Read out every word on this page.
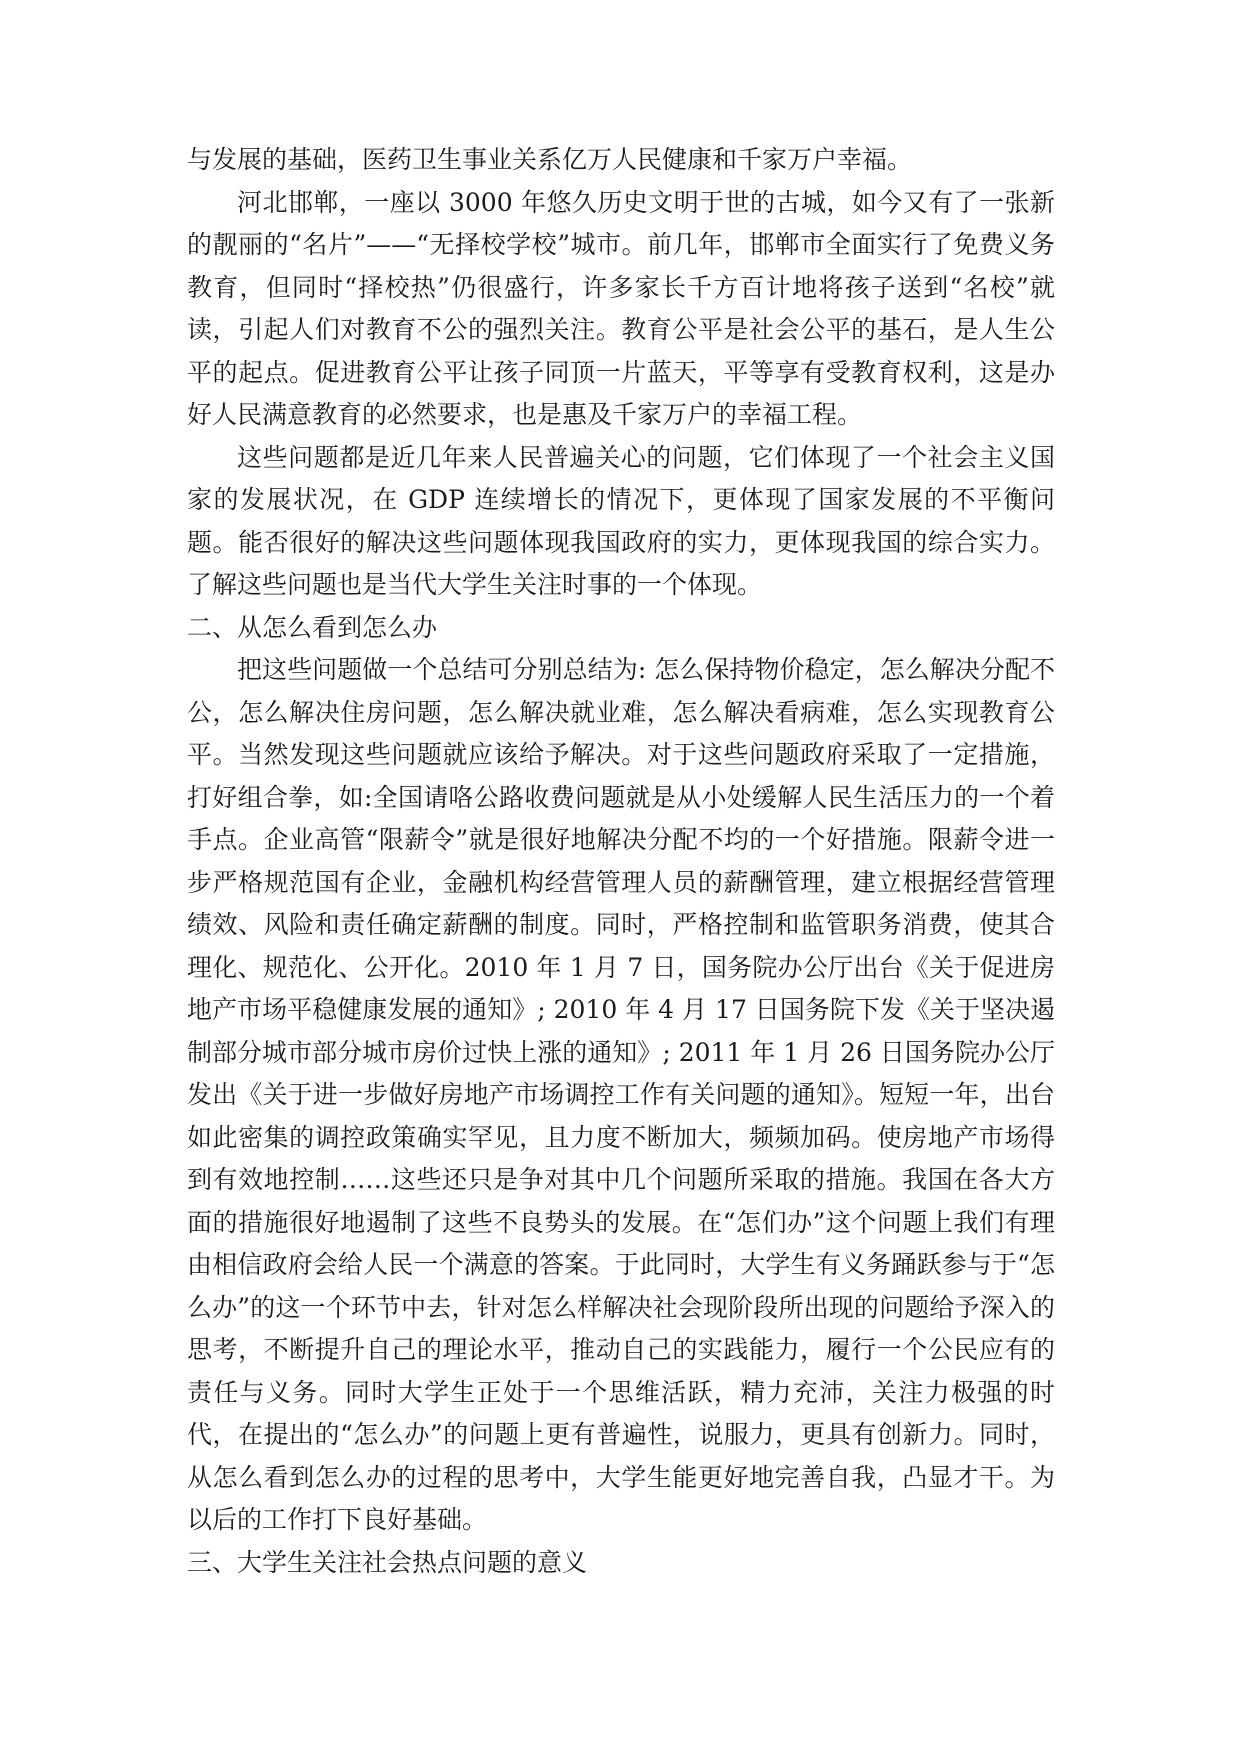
与发展的基础，医药卫生事业关系亿万人民健康和千家万户幸福。

河北邯郸，一座以 3000 年悠久历史文明于世的古城，如今又有了一张新的靓丽的“名片”——“无择校学校”城市。前几年，邯郸市全面实行了免费义务教育，但同时“择校热”仍很盛行，许多家长千方百计地将孩子送到“名校”就读，引起人们对教育不公的强烈关注。教育公平是社会公平的基石，是人生公平的起点。促进教育公平让孩子同顶一片蓝天，平等享有受教育权利，这是办好人民满意教育的必然要求，也是惠及千家万户的幸福工程。

这些问题都是近几年来人民普遍关心的问题，它们体现了一个社会主义国家的发展状况，在 GDP 连续增长的情况下，更体现了国家发展的不平衡问题。能否很好的解决这些问题体现我国政府的实力，更体现我国的综合实力。了解这些问题也是当代大学生关注时事的一个体现。

二、从怎么看到怎么办

把这些问题做一个总结可分别总结为: 怎么保持物价稳定，怎么解决分配不公，怎么解决住房问题，怎么解决就业难，怎么解决看病难，怎么实现教育公平。当然发现这些问题就应该给予解决。对于这些问题政府采取了一定措施，打好组合拳，如:全国请咯公路收费问题就是从小处缓解人民生活压力的一个着手点。企业高管“限薪令”就是很好地解决分配不均的一个好措施。限薪令进一步严格规范国有企业，金融机构经营管理人员的薪酬管理，建立根据经营管理绩效、风险和责任确定薪酬的制度。同时，严格控制和监管职务消费，使其合理化、规范化、公开化。2010 年 1 月 7 日，国务院办公厅出台《关于促进房地产市场平稳健康发展的通知》; 2010 年 4 月 17 日国务院下发《关于坚决遏制部分城市部分城市房价过快上涨的通知》; 2011 年 1 月 26 日国务院办公厅发出《关于进一步做好房地产市场调控工作有关问题的通知》。短短一年，出台如此密集的调控政策确实罕见，且力度不断加大，频频加码。使房地产市场得到有效地控制……这些还只是争对其中几个问题所采取的措施。我国在各大方面的措施很好地遏制了这些不良势头的发展。在“怎们办”这个问题上我们有理由相信政府会给人民一个满意的答案。于此同时，大学生有义务踊跃参与于“怎么办”的这一个环节中去，针对怎么样解决社会现阶段所出现的问题给予深入的思考，不断提升自己的理论水平，推动自己的实践能力，履行一个公民应有的责任与义务。同时大学生正处于一个思维活跃，精力充沛，关注力极强的时代，在提出的“怎么办”的问题上更有普遍性，说服力，更具有创新力。同时，从怎么看到怎么办的过程的思考中，大学生能更好地完善自我，凸显才干。为以后的工作打下良好基础。

三、大学生关注社会热点问题的意义
